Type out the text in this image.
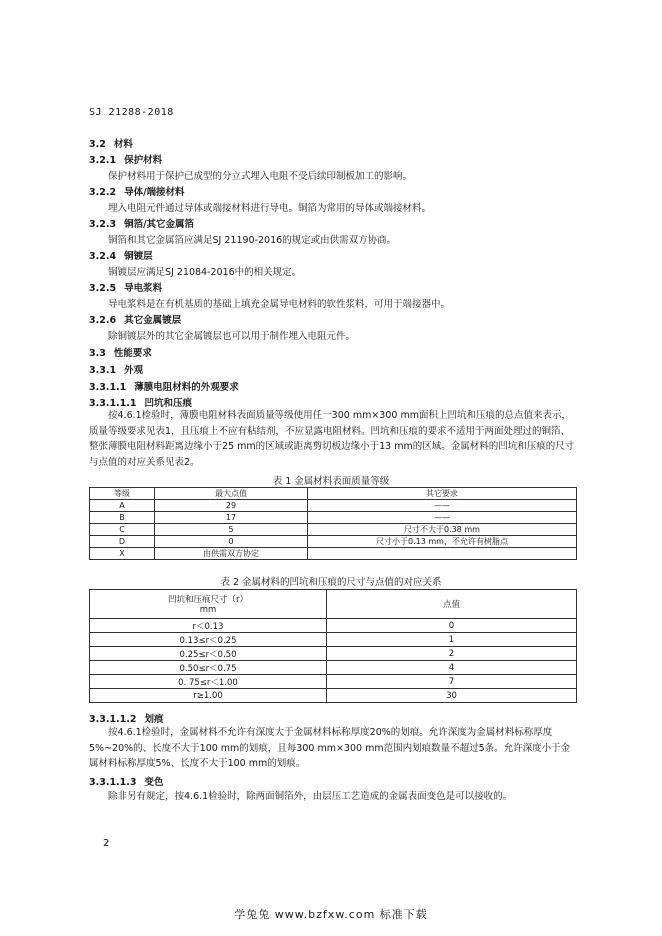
SJ 21288-2018
3.2 材料
3.2.1 保护材料
保护材料用于保护已成型的分立式埋入电阻不受后续印制板加工的影响。
3.2.2 导体/端接材料
埋入电阻元件通过导体或端接材料进行导电。铜箔为常用的导体或端接材料。
3.2.3 铜箔/其它金属箔
铜箔和其它金属箔应满足SJ 21190-2016的规定或由供需双方协商。
3.2.4 铜镀层
铜镀层应满足SJ 21084-2016中的相关规定。
3.2.5 导电浆料
导电浆料是在有机基质的基础上填充金属导电材料的软性浆料，可用于端接器中。
3.2.6 其它金属镀层
除铜镀层外的其它金属镀层也可以用于制作埋入电阻元件。
3.3 性能要求
3.3.1 外观
3.3.1.1 薄膜电阻材料的外观要求
3.3.1.1.1 凹坑和压痕
按4.6.1检验时，薄膜电阻材料表面质量等级使用任一300 mm×300 mm面积上凹坑和压痕的总点值来表示，质量等级要求见表1，且压痕上不应有粘结剂，不应显露电阻材料。凹坑和压痕的要求不适用于两面处理过的铜箔、整张薄膜电阻材料距离边缘小于25 mm的区域或距离剪切板边缘小于13 mm的区域。金属材料的凹坑和压痕的尺寸与点值的对应关系见表2。
表 1 金属材料表面质量等级
等级	最大点值	其它要求
A	29	——
B	17	——
C	5	尺寸不大于0.38 mm
D	0	尺寸小于0.13 mm，不允许有树脂点
X	由供需双方协定	
表 2 金属材料的凹坑和压痕的尺寸与点值的对应关系
凹坑和压痕尺寸（r）
mm	点值
r＜0.13	0
0.13≤r＜0.25	1
0.25≤r＜0.50	2
0.50≤r＜0.75	4
0. 75≤r＜1.00	7
r≥1.00	30
3.3.1.1.2 划痕
按4.6.1检验时，金属材料不允许有深度大于金属材料标称厚度20%的划痕。允许深度为金属材料标称厚度5%~20%的、长度不大于100 mm的划痕，且每300 mm×300 mm范围内划痕数量不超过5条。允许深度小于金属材料标称厚度5%、长度不大于100 mm的划痕。
3.3.1.1.3 变色
除非另有规定，按4.6.1检验时，除两面铜箔外，由层压工艺造成的金属表面变色是可以接收的。
2
学兔兔 www.bzfxw.com 标准下载
